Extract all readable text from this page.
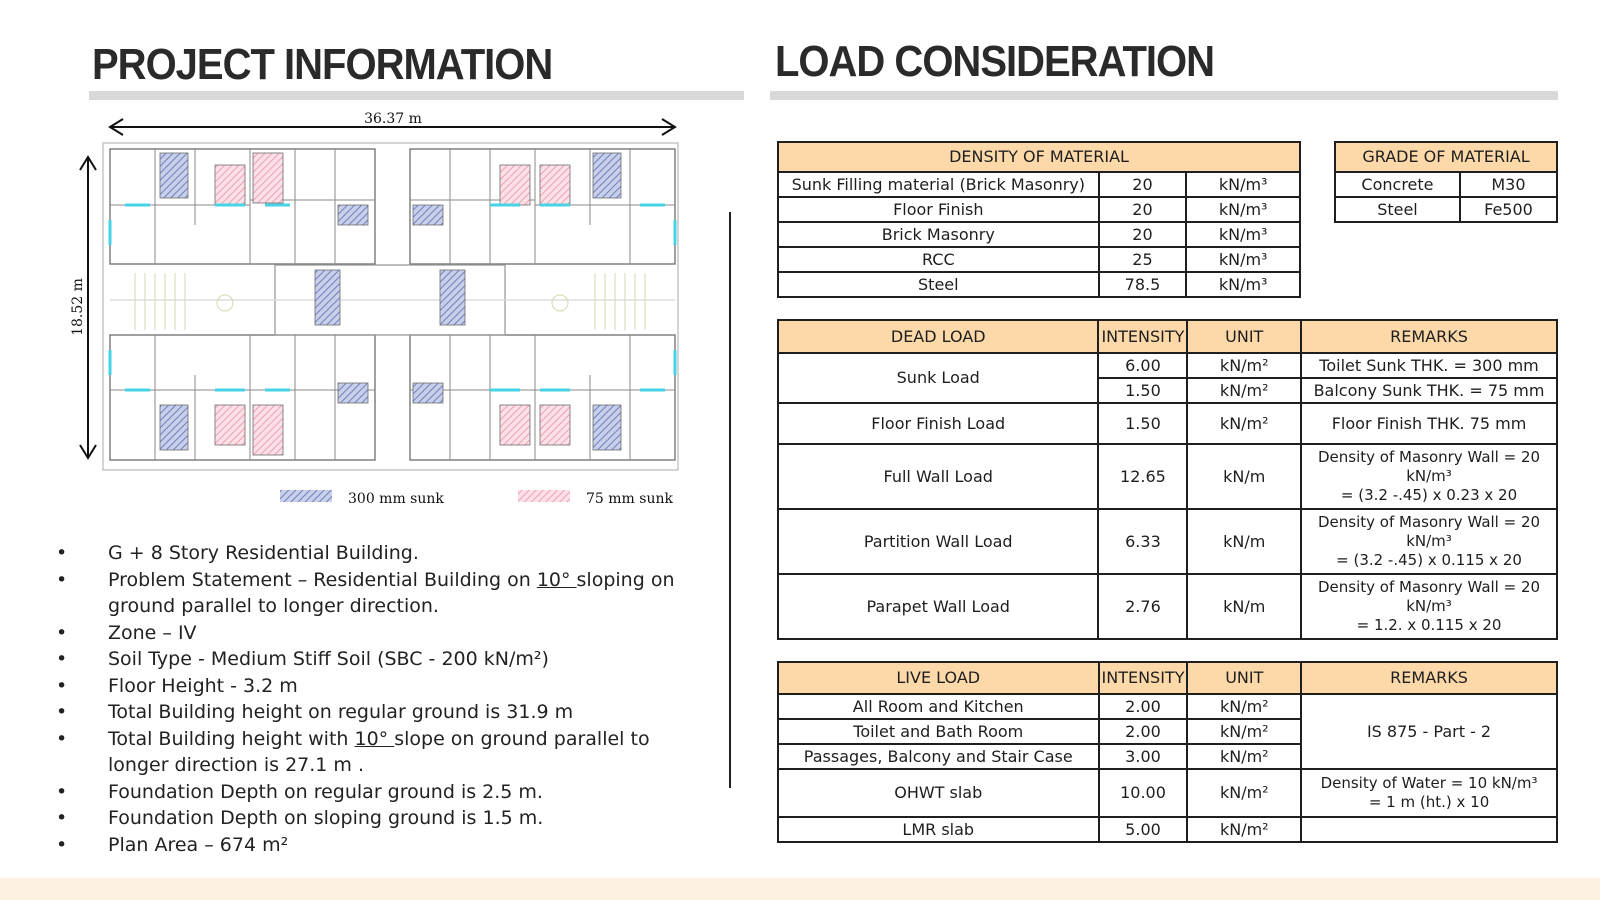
PROJECT INFORMATION	LOAD CONSIDERATION
36.37 m
18.52 m
300 mm sunk	75 mm sunk
• G + 8 Story Residential Building.
• Problem Statement – Residential Building on 10° sloping on ground parallel to longer direction.
• Zone – IV
• Soil Type - Medium Stiff Soil (SBC - 200 kN/m²)
• Floor Height - 3.2 m
• Total Building height on regular ground is 31.9 m
• Total Building height with 10° slope on ground parallel to longer direction is 27.1 m .
• Foundation Depth on regular ground is 2.5 m.
• Foundation Depth on sloping ground is 1.5 m.
• Plan Area – 674 m²
DENSITY OF MATERIAL		
Sunk Filling material (Brick Masonry)	20	kN/m³
Floor Finish	20	kN/m³
Brick Masonry	20	kN/m³
RCC	25	kN/m³
Steel	78.5	kN/m³
GRADE OF MATERIAL	
Concrete	M30
Steel	Fe500
DEAD LOAD	INTENSITY	UNIT	REMARKS
Sunk Load	6.00	kN/m²	Toilet Sunk THK. = 300 mm
	1.50	kN/m²	Balcony Sunk THK. = 75 mm
Floor Finish Load	1.50	kN/m²	Floor Finish THK. 75 mm
Full Wall Load	12.65	kN/m	Density of Masonry Wall = 20
kN/m³
= (3.2 -.45) x 0.23 x 20

Partition Wall Load	6.33	kN/m	Density of Masonry Wall = 20
kN/m³
= (3.2 -.45) x 0.115 x 20

Parapet Wall Load	2.76	kN/m	Density of Masonry Wall = 20
kN/m³
= 1.2. x 0.115 x 20
LIVE LOAD	INTENSITY	UNIT	REMARKS
All Room and Kitchen	2.00	kN/m²	IS 875 - Part - 2
Toilet and Bath Room	2.00	kN/m²	
Passages, Balcony and Stair Case	3.00	kN/m²	
OHWT slab	10.00	kN/m²	Density of Water = 10 kN/m³
= 1 m (ht.) x 10

LMR slab	5.00	kN/m²	
